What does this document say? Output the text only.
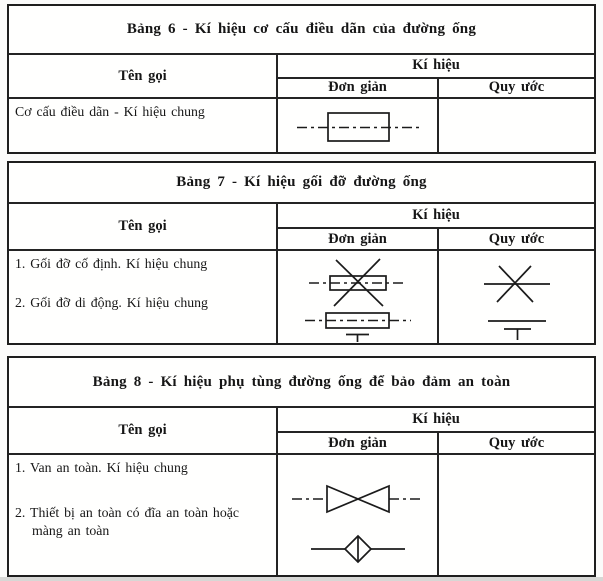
Bảng 6 - Kí hiệu cơ cấu điều dãn của đường ống
Tên gọi
Kí hiệu
Đơn giản	Quy ước
Cơ cấu điều dãn - Kí hiệu chung
Bảng 7 - Kí hiệu gối đỡ đường ống
Tên gọi
Kí hiệu
Đơn giản	Quy ước
1. Gối đỡ cố định. Kí hiệu chung
2. Gối đỡ di động. Kí hiệu chung
Bảng 8 - Kí hiệu phụ tùng đường ống để bảo đảm an toàn
Tên gọi
Kí hiệu
Đơn giản	Quy ước
1. Van an toàn. Kí hiệu chung
2. Thiết bị an toàn có đĩa an toàn hoặc màng an toàn
